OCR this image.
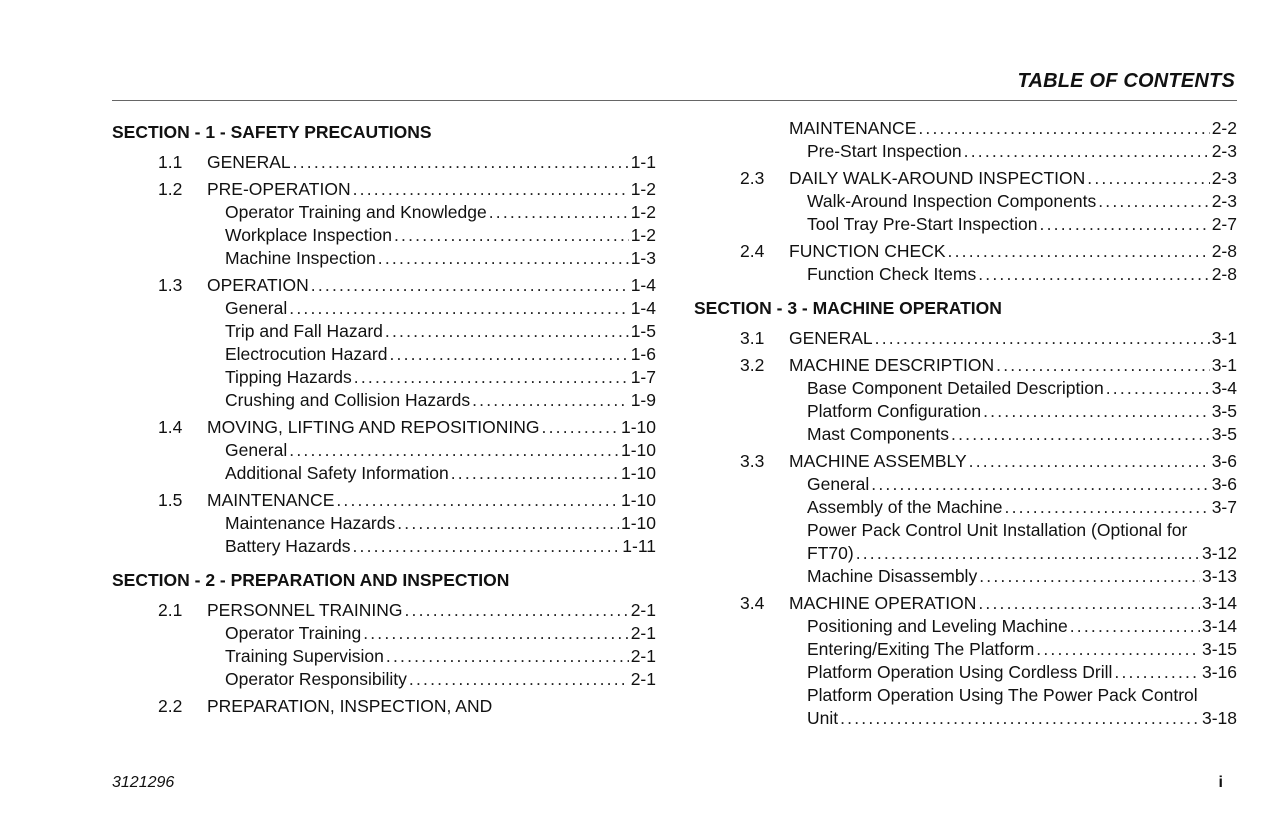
TABLE OF CONTENTS
SECTION - 1 - SAFETY PRECAUTIONS
1.1 GENERAL .....	1-1
1.2 PRE-OPERATION .....	1-2
Operator Training and Knowledge .....	1-2
Workplace Inspection .....	1-2
Machine Inspection .....	1-3
1.3 OPERATION .....	1-4
General .....	1-4
Trip and Fall Hazard .....	1-5
Electrocution Hazard .....	1-6
Tipping Hazards .....	1-7
Crushing and Collision Hazards .....	1-9
1.4 MOVING, LIFTING AND REPOSITIONING .....	1-10
General .....	1-10
Additional Safety Information .....	1-10
1.5 MAINTENANCE .....	1-10
Maintenance Hazards .....	1-10
Battery Hazards .....	1-11
SECTION - 2 - PREPARATION AND INSPECTION
2.1 PERSONNEL TRAINING .....	2-1
Operator Training .....	2-1
Training Supervision .....	2-1
Operator Responsibility .....	2-1
2.2 PREPARATION, INSPECTION, AND
MAINTENANCE .....	2-2
Pre-Start Inspection .....	2-3
2.3 DAILY WALK-AROUND INSPECTION .....	2-3
Walk-Around Inspection Components .....	2-3
Tool Tray Pre-Start Inspection .....	2-7
2.4 FUNCTION CHECK .....	2-8
Function Check Items .....	2-8
SECTION - 3 - MACHINE OPERATION
3.1 GENERAL .....	3-1
3.2 MACHINE DESCRIPTION .....	3-1
Base Component Detailed Description .....	3-4
Platform Configuration .....	3-5
Mast Components .....	3-5
3.3 MACHINE ASSEMBLY .....	3-6
General .....	3-6
Assembly of the Machine .....	3-7
Power Pack Control Unit Installation (Optional for
FT70) .....	3-12
Machine Disassembly .....	3-13
3.4 MACHINE OPERATION .....	3-14
Positioning and Leveling Machine .....	3-14
Entering/Exiting The Platform .....	3-15
Platform Operation Using Cordless Drill .....	3-16
Platform Operation Using The Power Pack Control
Unit .....	3-18
3121296	i
